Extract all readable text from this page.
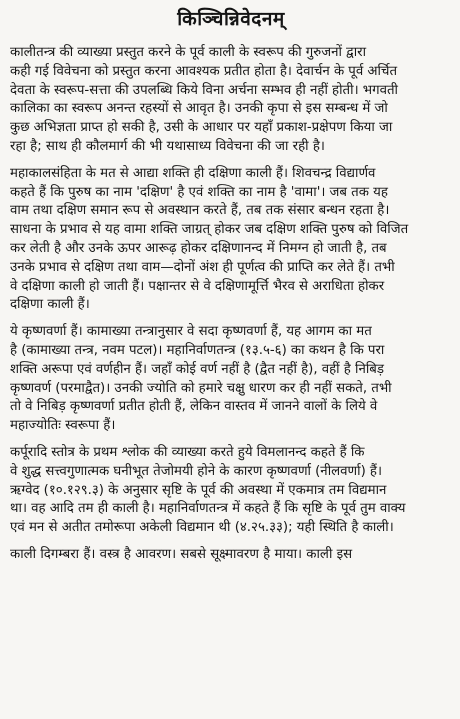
किञ्चिन्निवेदनम्
कालीतन्त्र की व्याख्या प्रस्तुत करने के पूर्व काली के स्वरूप की गुरुजनों द्वारा
कही गई विवेचना को प्रस्तुत करना आवश्यक प्रतीत होता है। देवार्चन के पूर्व अर्चित
देवता के स्वरूप-सत्ता की उपलब्धि किये विना अर्चना सम्भव ही नहीं होती। भगवती
कालिका का स्वरूप अनन्त रहस्यों से आवृत है। उनकी कृपा से इस सम्बन्ध में जो
कुछ अभिज्ञता प्राप्त हो सकी है, उसी के आधार पर यहाँ प्रकाश-प्रक्षेपण किया जा
रहा है; साथ ही कौलमार्ग की भी यथासाध्य विवेचना की जा रही है।
महाकालसंहिता के मत से आद्या शक्ति ही दक्षिणा काली हैं। शिवचन्द्र विद्यार्णव
कहते हैं कि पुरुष का नाम 'दक्षिण' है एवं शक्ति का नाम है 'वामा'। जब तक यह
वाम तथा दक्षिण समान रूप से अवस्थान करते हैं, तब तक संसार बन्धन रहता है।
साधना के प्रभाव से यह वामा शक्ति जाग्रत् होकर जब दक्षिण शक्ति पुरुष को विजित
कर लेती है और उनके ऊपर आरूढ़ होकर दक्षिणानन्द में निमग्न हो जाती है, तब
उनके प्रभाव से दक्षिण तथा वाम—दोनों अंश ही पूर्णत्व की प्राप्ति कर लेते हैं। तभी
वे दक्षिणा काली हो जाती हैं। पक्षान्तर से वे दक्षिणामूर्त्ति भैरव से अराधिता होकर
दक्षिणा काली हैं।
ये कृष्णवर्णा हैं। कामाख्या तन्त्रानुसार वे सदा कृष्णवर्णा हैं, यह आगम का मत
है (कामाख्या तन्त्र, नवम पटल)। महानिर्वाणतन्त्र (१३.५-६) का कथन है कि परा
शक्ति अरूपा एवं वर्णहीन हैं। जहाँ कोई वर्ण नहीं है (द्वैत नहीं है), वहीं है निबिड़
कृष्णवर्ण (परमाद्वैत)। उनकी ज्योति को हमारे चक्षु धारण कर ही नहीं सकते, तभी
तो वे निबिड़ कृष्णवर्णा प्रतीत होती हैं, लेकिन वास्तव में जानने वालों के लिये वे
महाज्योतिः स्वरूपा हैं।
कर्पूरादि स्तोत्र के प्रथम श्लोक की व्याख्या करते हुये विमलानन्द कहते हैं कि
वे शुद्ध सत्त्वगुणात्मक घनीभूत तेजोमयी होने के कारण कृष्णवर्णा (नीलवर्णा) हैं।
ऋग्वेद (१०.१२९.३) के अनुसार सृष्टि के पूर्व की अवस्था में एकमात्र तम विद्यमान
था। वह आदि तम ही काली है। महानिर्वाणतन्त्र में कहते हैं कि सृष्टि के पूर्व तुम वाक्य
एवं मन से अतीत तमोरूपा अकेली विद्यमान थी (४.२५.३३); यही स्थिति है काली।
काली दिगम्बरा हैं। वस्त्र है आवरण। सबसे सूक्ष्मावरण है माया। काली इस
